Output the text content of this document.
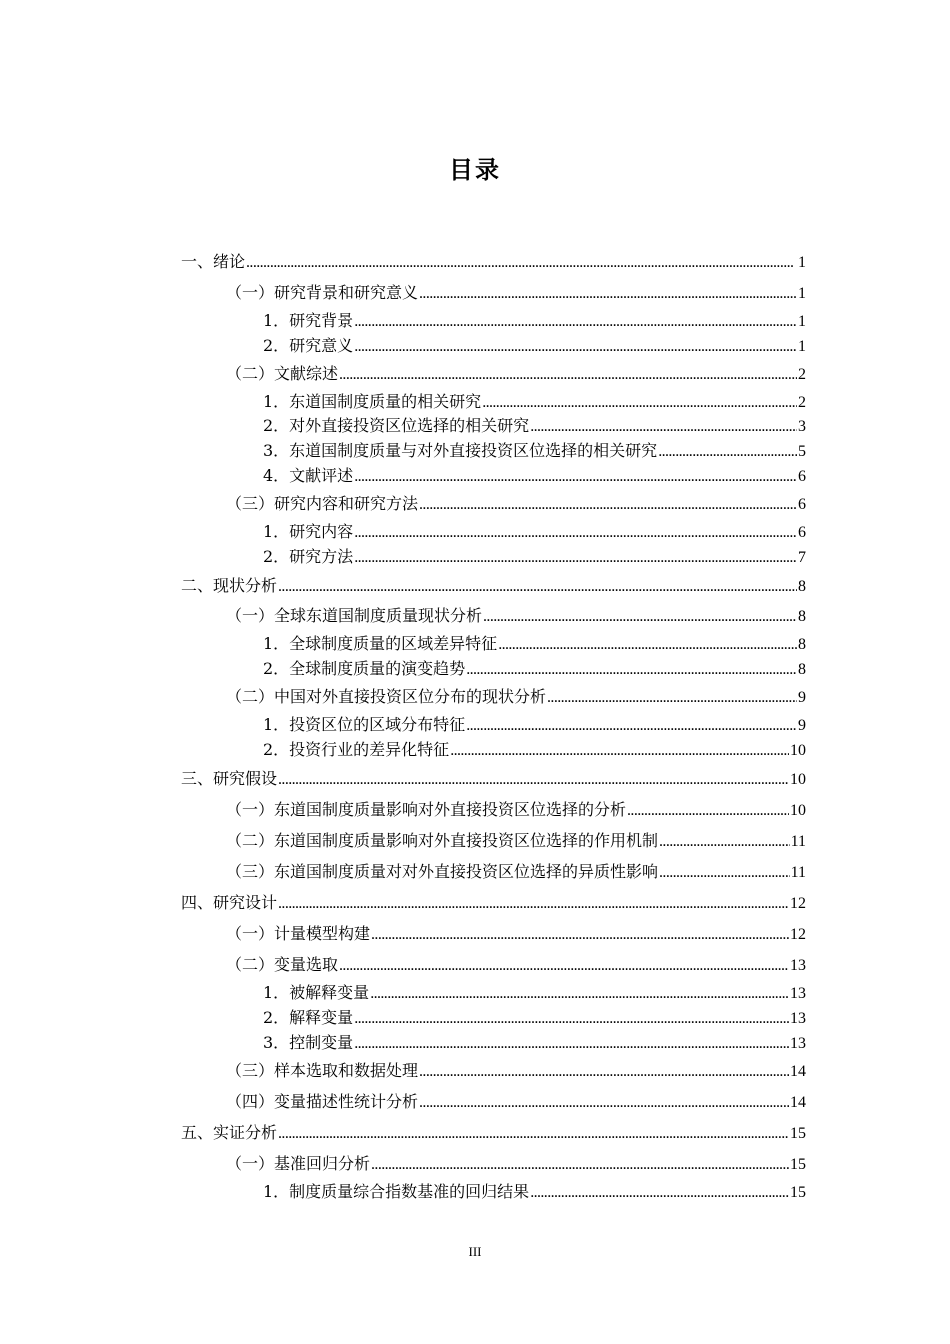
目录
一、绪论 . . .	1
（一）研究背景和研究意义 . . .	1
1．研究背景 . . .	1
2．研究意义 . . .	1
（二）文献综述 . . .	2
1．东道国制度质量的相关研究 . . .	2
2．对外直接投资区位选择的相关研究 . . .	3
3．东道国制度质量与对外直接投资区位选择的相关研究 . . .	5
4．文献评述 . . .	6
（三）研究内容和研究方法 . . .	6
1．研究内容 . . .	6
2．研究方法 . . .	7
二、现状分析 . . .	8
（一）全球东道国制度质量现状分析 . . .	8
1．全球制度质量的区域差异特征 . . .	8
2．全球制度质量的演变趋势 . . .	8
（二）中国对外直接投资区位分布的现状分析 . . .	9
1．投资区位的区域分布特征 . . .	9
2．投资行业的差异化特征 . . .	10
三、研究假设 . . .	10
（一）东道国制度质量影响对外直接投资区位选择的分析 . . .	10
（二）东道国制度质量影响对外直接投资区位选择的作用机制 . . .	11
（三）东道国制度质量对对外直接投资区位选择的异质性影响 . . .	11
四、研究设计 . . .	12
（一）计量模型构建 . . .	12
（二）变量选取 . . .	13
1．被解释变量 . . .	13
2．解释变量 . . .	13
3．控制变量 . . .	13
（三）样本选取和数据处理 . . .	14
（四）变量描述性统计分析 . . .	14
五、实证分析 . . .	15
（一）基准回归分析 . . .	15
1．制度质量综合指数基准的回归结果 . . .	15
III
